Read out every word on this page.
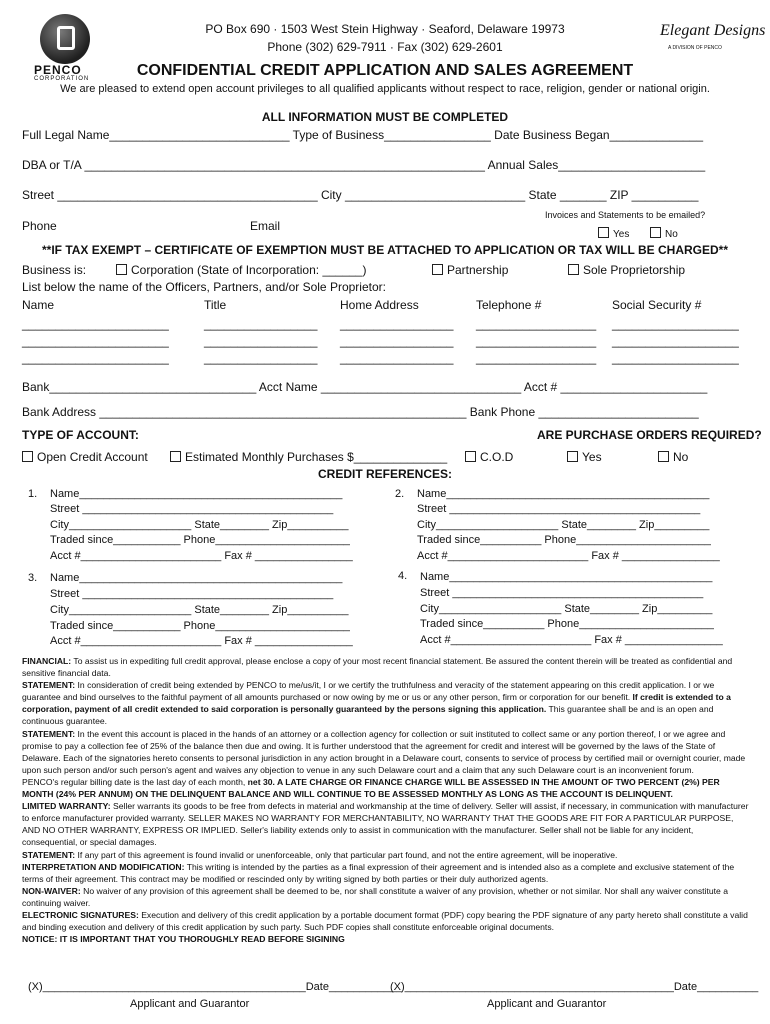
PENCO
CORPORATION
Elegant Designs
A DIVISION OF PENCO
PO Box 690 · 1503 West Stein Highway · Seaford, Delaware 19973
Phone (302) 629-7911 · Fax (302) 629-2601
CONFIDENTIAL CREDIT APPLICATION AND SALES AGREEMENT
We are pleased to extend open account privileges to all qualified applicants without respect to race, religion, gender or national origin.
ALL INFORMATION MUST BE COMPLETED
Full Legal Name___________________________ Type of Business________________ Date Business Began______________
DBA or T/A ____________________________________________________________ Annual Sales______________________
Street _______________________________________ City ___________________________ State _______ ZIP __________
Phone	Email
Invoices and Statements to be emailed?
Yes	No
**IF TAX EXEMPT – CERTIFICATE OF EXEMPTION MUST BE ATTACHED TO APPLICATION OR TAX WILL BE CHARGED**
Business is:	Corporation (State of Incorporation: ______)	Partnership	Sole Proprietorship
List below the name of the Officers, Partners, and/or Sole Proprietor:
Name	Title	Home Address	Telephone #	Social Security #
______________________	_________________ _________________ __________________ ___________________
______________________	_________________ _________________ __________________ ___________________
______________________	_________________ _________________ __________________ ___________________
Bank_______________________________ Acct Name ______________________________ Acct # ______________________
Bank Address _______________________________________________________ Bank Phone ________________________
TYPE OF ACCOUNT:	ARE PURCHASE ORDERS REQUIRED?
Open Credit Account	Estimated Monthly Purchases $______________	C.O.D	Yes	No
CREDIT REFERENCES:
1. Name___________________________________________
Street _________________________________________
City____________________ State________ Zip__________
Traded since___________ Phone______________________
Acct #_______________________ Fax # ________________
2. Name___________________________________________
Street _________________________________________
City____________________ State________ Zip_________
Traded since__________ Phone______________________
Acct #_______________________ Fax # ________________
3. Name___________________________________________
Street _________________________________________
City____________________ State________ Zip__________
Traded since___________ Phone______________________
Acct #_______________________ Fax # ________________
4. Name___________________________________________
Street _________________________________________
City____________________ State________ Zip_________
Traded since__________ Phone______________________
Acct #_______________________ Fax # ________________

FINANCIAL: To assist us in expediting full credit approval, please enclose a copy of your most recent financial statement. Be assured the content therein will be treated as confidential and sensitive financial data.

STATEMENT: In consideration of credit being extended by PENCO to me/us/it, I or we certify the truthfulness and veracity of the statement appearing on this credit application. I or we guarantee and bind ourselves to the faithful payment of all amounts purchased or now owing by me or us or any other person, firm or corporation for our benefit. If credit is extended to a corporation, payment of all credit extended to said corporation is personally guaranteed by the persons signing this application. This guarantee shall be and is an open and continuous guarantee.

STATEMENT: In the event this account is placed in the hands of an attorney or a collection agency for collection or suit instituted to collect same or any portion thereof, I or we agree and promise to pay a collection fee of 25% of the balance then due and owing. It is further understood that the agreement for credit and interest will be governed by the laws of the State of Delaware. Each of the signatories hereto consents to personal jurisdiction in any action brought in a Delaware court, consents to service of process by certified mail or overnight courier, made upon such person and/or such person's agent and waives any objection to venue in any such Delaware court and a claim that any such Delaware court is an inconvenient forum.

PENCO's regular billing date is the last day of each month, net 30. A LATE CHARGE OR FINANCE CHARGE WILL BE ASSESSED IN THE AMOUNT OF TWO PERCENT (2%) PER MONTH (24% PER ANNUM) ON THE DELINQUENT BALANCE AND WILL CONTINUE TO BE ASSESSED MONTHLY AS LONG AS THE ACCOUNT IS DELINQUENT.

LIMITED WARRANTY: Seller warrants its goods to be free from defects in material and workmanship at the time of delivery. Seller will assist, if necessary, in communication with manufacturer to enforce manufacturer provided warranty. SELLER MAKES NO WARRANTY FOR MERCHANTABILITY, NO WARRANTY THAT THE GOODS ARE FIT FOR A PARTICULAR PURPOSE, AND NO OTHER WARRANTY, EXPRESS OR IMPLIED. Seller's liability extends only to assist in communication with the manufacturer. Seller shall not be liable for any incident, consequential, or special damages.

STATEMENT: If any part of this agreement is found invalid or unenforceable, only that particular part found, and not the entire agreement, will be inoperative.

INTERPRETATION AND MODIFICATION: This writing is intended by the parties as a final expression of their agreement and is intended also as a complete and exclusive statement of the terms of their agreement. This contract may be modified or rescinded only by writing signed by both parties or their duly authorized agents.

NON-WAIVER: No waiver of any provision of this agreement shall be deemed to be, nor shall constitute a waiver of any provision, whether or not similar. Nor shall any waiver constitute a continuing waiver.

ELECTRONIC SIGNATURES: Execution and delivery of this credit application by a portable document format (PDF) copy bearing the PDF signature of any party hereto shall constitute a valid and binding execution and delivery of this credit application by such party. Such PDF copies shall constitute enforceable original documents.

NOTICE: IT IS IMPORTANT THAT YOU THOROUGHLY READ BEFORE SIGINING

(X)___________________________________________Date____________
(X)____________________________________________Date__________
Applicant and Guarantor	Applicant and Guarantor
